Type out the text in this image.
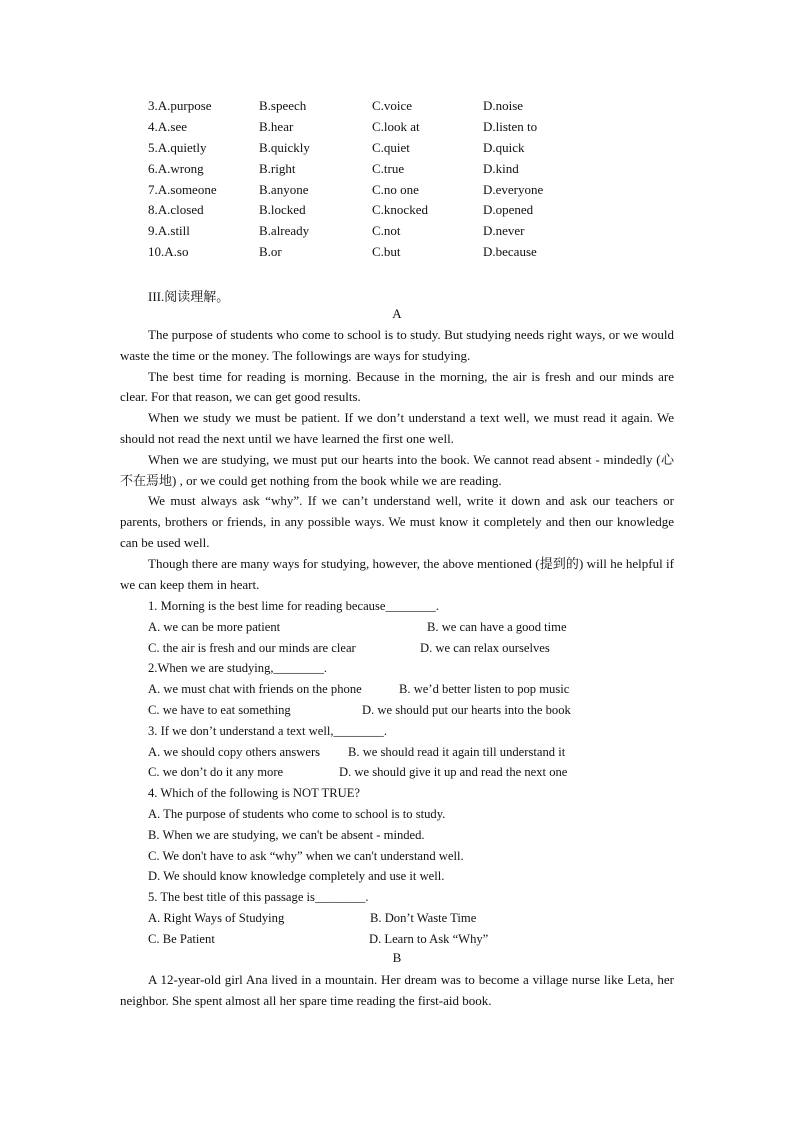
3.A.purpose	B.speech	C.voice	D.noise
4.A.see	B.hear	C.look at	D.listen to
5.A.quietly	B.quickly	C.quiet	D.quick
6.A.wrong	B.right	C.true	D.kind
7.A.someone	B.anyone	C.no one	D.everyone
8.A.closed	B.locked	C.knocked	D.opened
9.A.still	B.already	C.not	D.never
10.A.so	B.or	C.but	D.because
III.阅读理解。
A

The purpose of students who come to school is to study. But studying needs right ways, or we would waste the time or the money. The followings are ways for studying.

The best time for reading is morning. Because in the morning, the air is fresh and our minds are clear. For that reason, we can get good results.

When we study we must be patient. If we don’t understand a text well, we must read it again. We should not read the next until we have learned the first one well.

When we are studying, we must put our hearts into the book. We cannot read absent - mindedly (心不在焉地) , or we could get nothing from the book while we are reading.

We must always ask “why”. If we can’t understand well, write it down and ask our teachers or parents, brothers or friends, in any possible ways. We must know it completely and then our knowledge can be used well.

Though there are many ways for studying, however, the above mentioned (提到的) will he helpful if we can keep them in heart.

1. Morning is the best lime for reading because________.
A. we can be more patient	B. we can have a good time
C. the air is fresh and our minds are clear	D. we can relax ourselves
2.When we are studying,________.
A. we must chat with friends on the phone	B. we’d better listen to pop music
C. we have to eat something	D. we should put our hearts into the book
3. If we don’t understand a text well,________.
A. we should copy others answers B. we should read it again till understand it
C. we don’t do it any more	D. we should give it up and read the next one
4. Which of the following is NOT TRUE?
A. The purpose of students who come to school is to study.
B. When we are studying, we can't be absent - minded.
C. We don't have to ask “why” when we can't understand well.
D. We should know knowledge completely and use it well.
5. The best title of this passage is________.
A. Right Ways of Studying	B. Don’t Waste Time
C. Be Patient	D. Learn to Ask “Why”
B

A 12-year-old girl Ana lived in a mountain. Her dream was to become a village nurse like Leta, her neighbor. She spent almost all her spare time reading the first-aid book.
